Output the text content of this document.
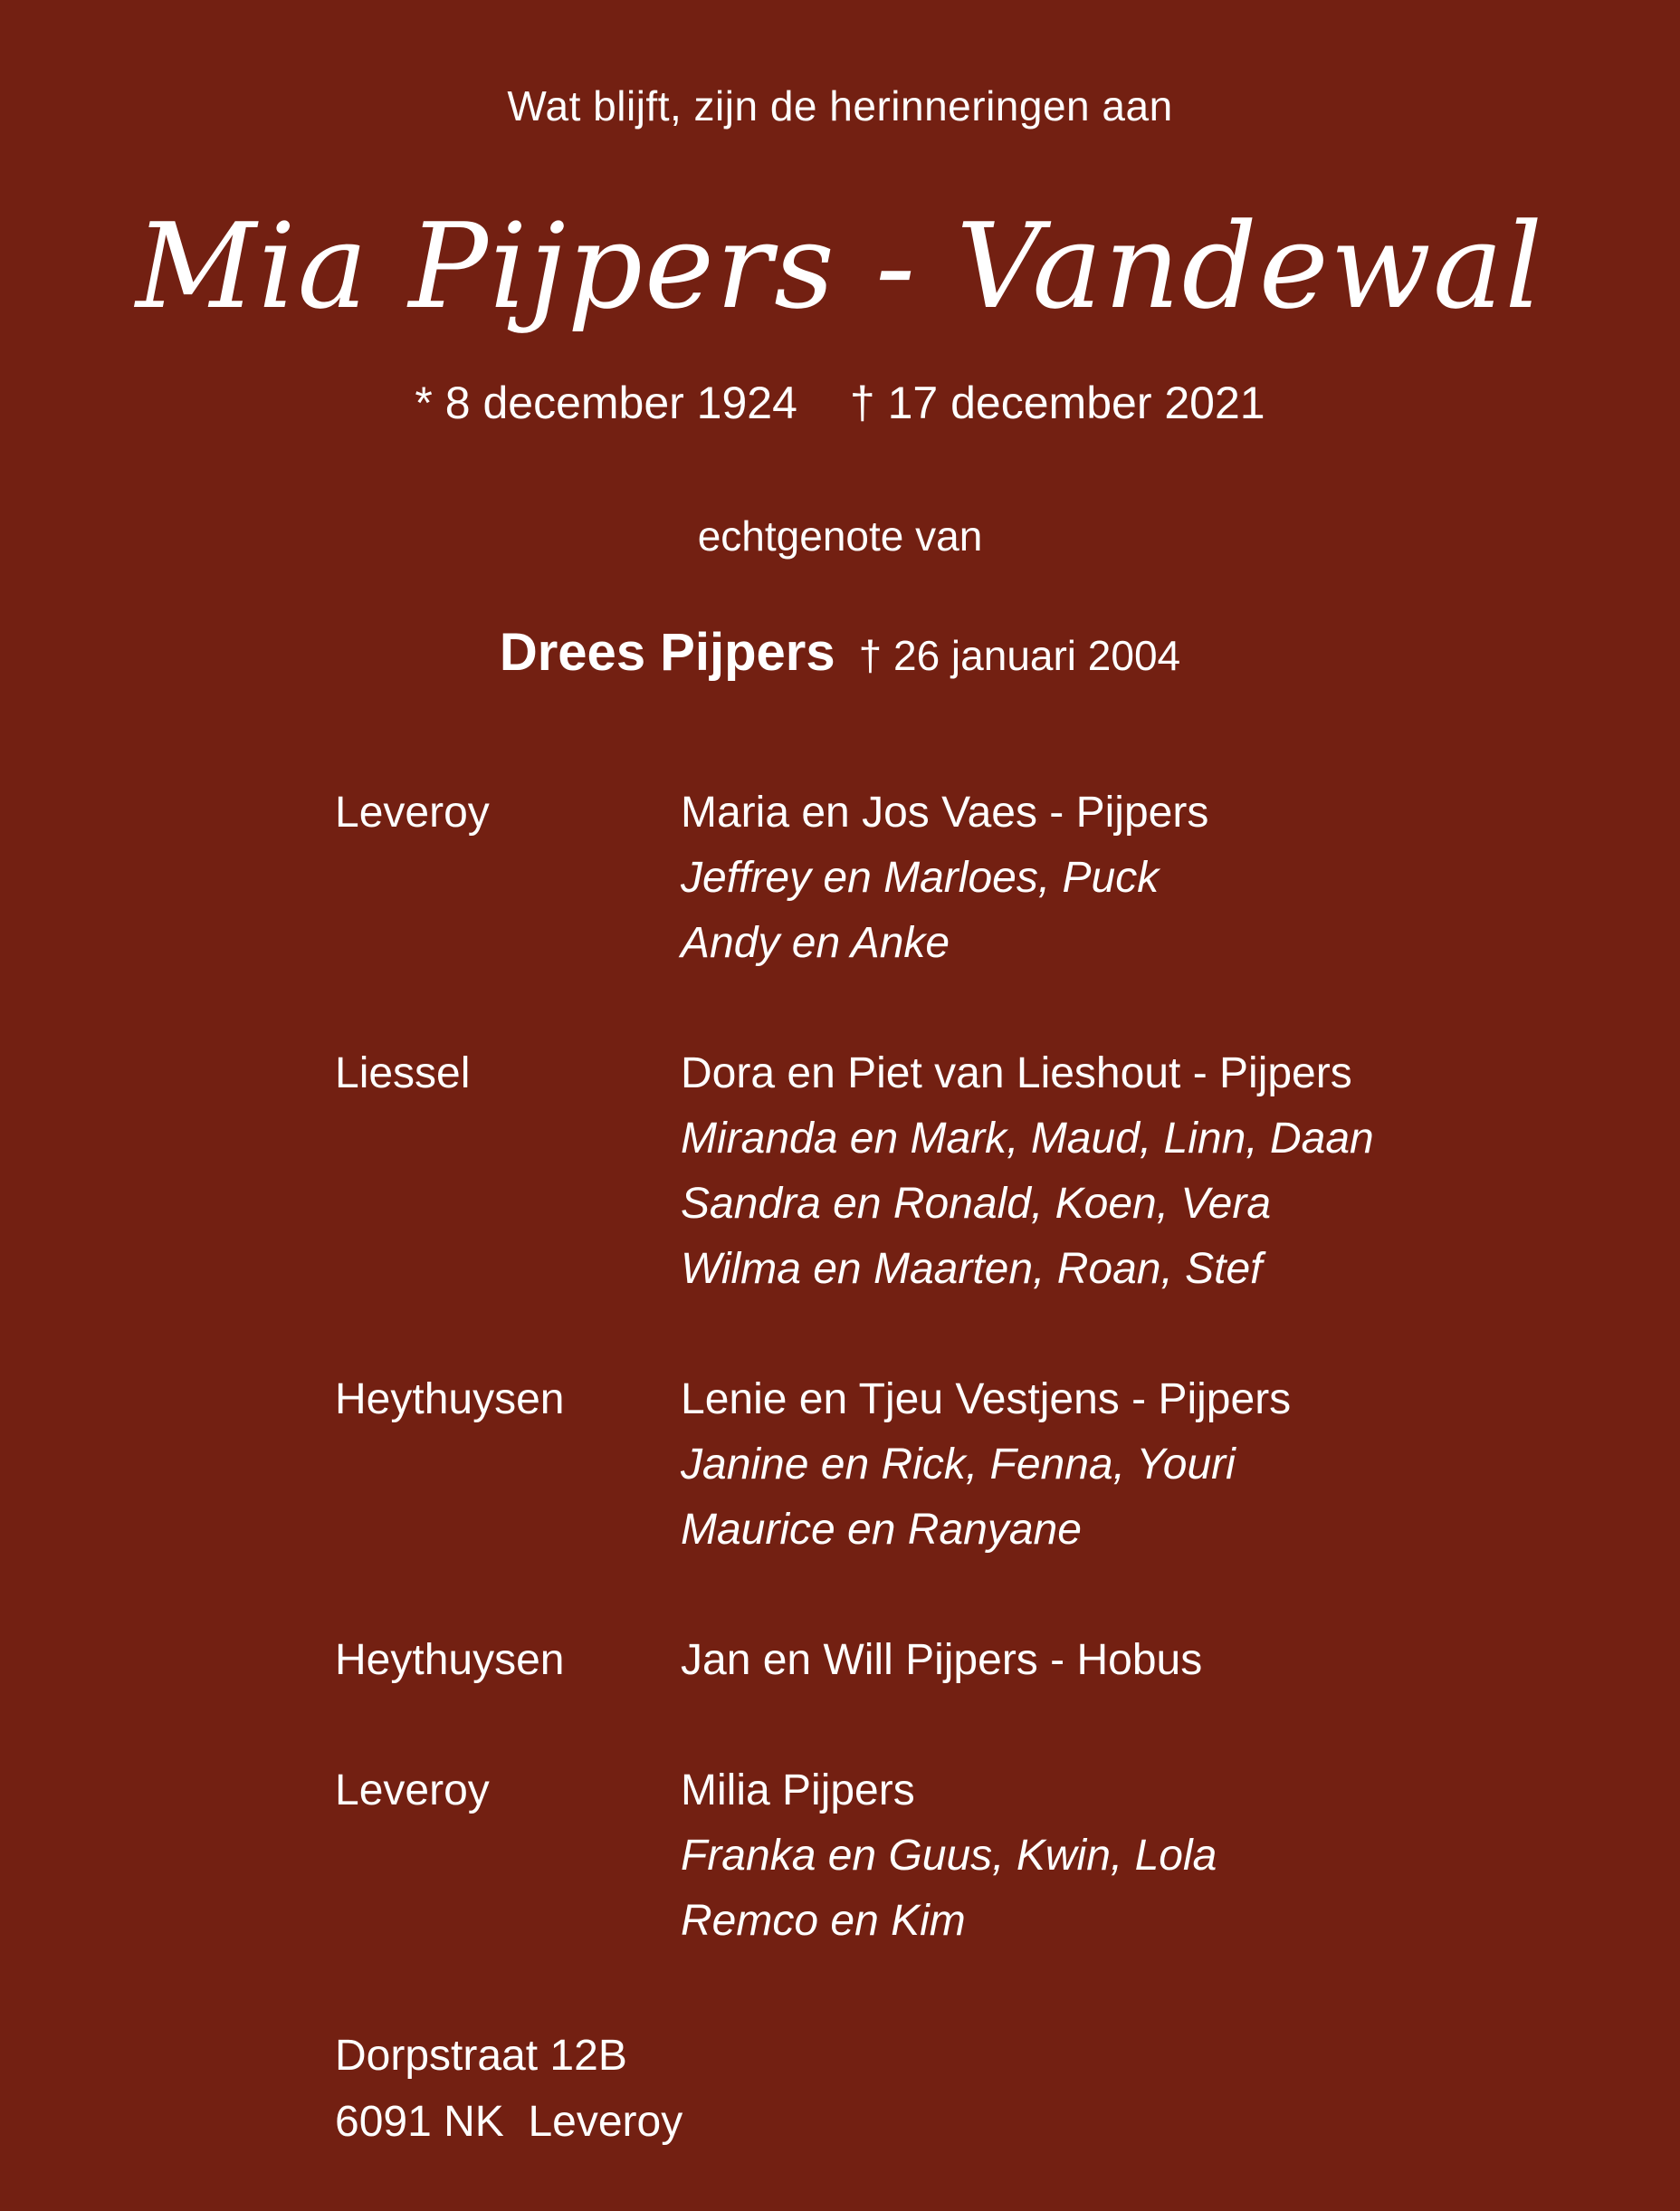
Wat blijft, zijn de herinneringen aan
Mia Pijpers - Vandewal
* 8 december 1924 † 17 december 2021
echtgenote van
Drees Pijpers † 26 januari 2004
Leveroy	Maria en Jos Vaes - Pijpers
Jeffrey en Marloes, Puck
Andy en Anke
Liessel	Dora en Piet van Lieshout - Pijpers
Miranda en Mark, Maud, Linn, Daan
Sandra en Ronald, Koen, Vera
Wilma en Maarten, Roan, Stef
Heythuysen	Lenie en Tjeu Vestjens - Pijpers
Janine en Rick, Fenna, Youri
Maurice en Ranyane
Heythuysen	Jan en Will Pijpers - Hobus
Leveroy	Milia Pijpers
Franka en Guus, Kwin, Lola
Remco en Kim
Dorpstraat 12B
6091 NK  Leveroy
